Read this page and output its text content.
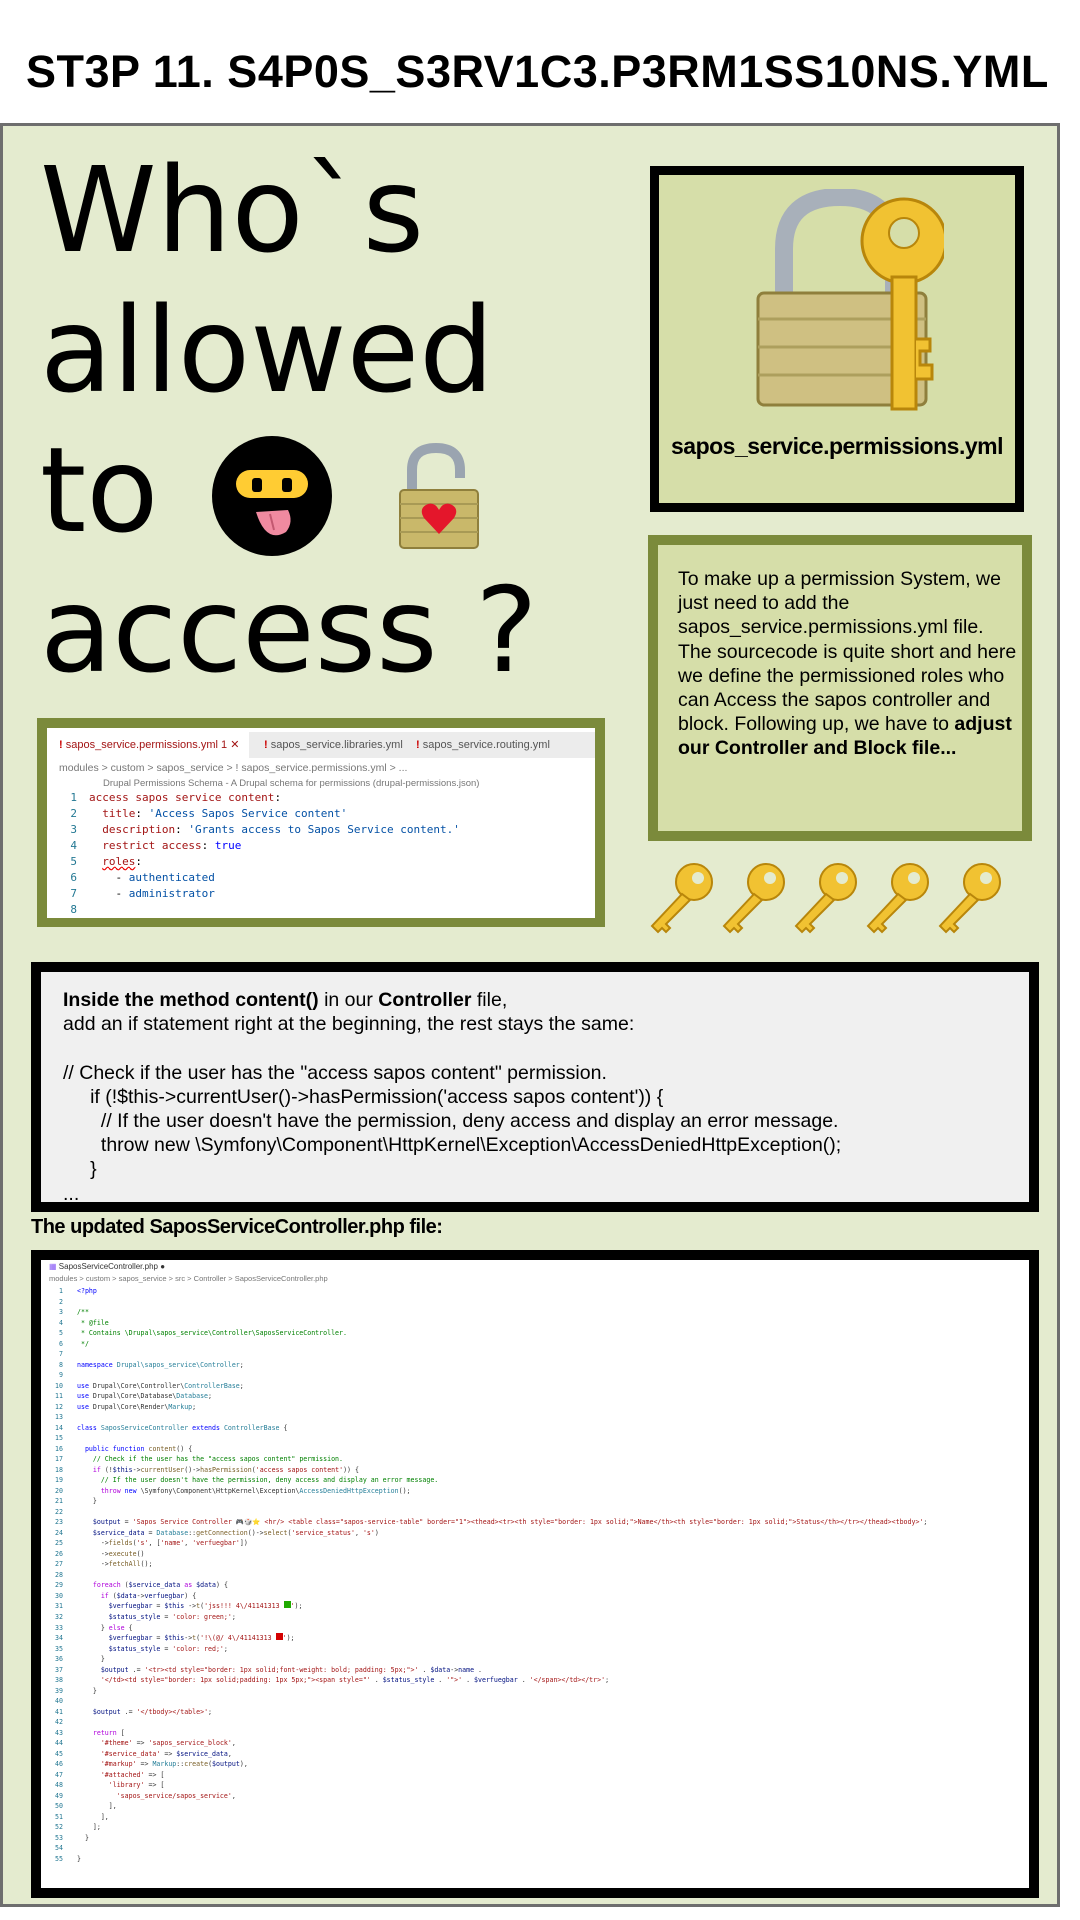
ST3P 11. S4P0S_S3RV1C3.P3RM1SS10NS.YML
Who`s
allowed
to
access ?
sapos_service.permissions.yml
To make up a permission System, we just need to add the sapos_service.permissions.yml file. The sourcecode is quite short and here we define the permissioned roles who can Access the sapos controller and block. Following up, we have to adjust our Controller and Block file...
! sapos_service.permissions.yml 1 ✕	! sapos_service.libraries.yml	! sapos_service.routing.yml
modules > custom > sapos_service > ! sapos_service.permissions.yml > ...
Drupal Permissions Schema - A Drupal schema for permissions (drupal-permissions.json)
1 access sapos service content:
2 title: 'Access Sapos Service content'
3 description: 'Grants access to Sapos Service content.'
4 restrict access: true
5 roles:
6    - authenticated
7    - administrator
8
Inside the method content() in our Controller file,
add an if statement right at the beginning, the rest stays the same:

// Check if the user has the "access sapos content" permission.
if (!$this->currentUser()->hasPermission('access sapos content')) {
// If the user doesn't have the permission, deny access and display an error message.
throw new \Symfony\Component\HttpKernel\Exception\AccessDeniedHttpException();
}
...
The updated SaposServiceController.php file:
▦ SaposServiceController.php ●
modules > custom > sapos_service > src > Controller > SaposServiceController.php
1 <?php
2
3 /**
4 * @file
5 * Contains \Drupal\sapos_service\Controller\SaposServiceController.
6 */
7
8 namespace Drupal\sapos_service\Controller;
9
10 use Drupal\Core\Controller\ControllerBase;
11 use Drupal\Core\Database\Database;
12 use Drupal\Core\Render\Markup;
13
14 class SaposServiceController extends ControllerBase {
15
16	public function content() {
17	// Check if the user has the "access sapos content" permission.
18	if (!$this->currentUser()->hasPermission('access sapos content')) {
19	// If the user doesn't have the permission, deny access and display an error message.
20	throw new \Symfony\Component\HttpKernel\Exception\AccessDeniedHttpException();
21	}
22
23	$output = 'Sapos Service Controller 🎮🎲⭐ <hr/> <table class="sapos-service-table" border="1"><thead><tr><th style="border: 1px solid;">Name</th><th style="border: 1px solid;">Status</th></tr></thead><tbody>';
24	$service_data = Database::getConnection()->select('service_status', 's')
25      ->fields('s', ['name', 'verfuegbar'])
26      ->execute()
27      ->fetchAll();
28
29	foreach ($service_data as $data) {
30	if ($data->verfuegbar) {
31	$verfuegbar = $this ->t('jss!!! 4\/41141313 ');
32	$status_style = 'color: green;';
33      } else {
34	$verfuegbar = $this->t('!\(@/ 4\/41141313 ');
35	$status_style = 'color: red;';
36	}
37	$output .= '<tr><td style="border: 1px solid;font-weight: bold; padding: 5px;">' . $data->name .
38	'</td><td style="border: 1px solid;padding: 1px 5px;"><span style="' . $status_style . '">' . $verfuegbar . '</span></td></tr>';
39	}
40
41	$output .= '</tbody></table>';
42
43	return [
44	'#theme' => 'sapos_service_block',
45	'#service_data' => $service_data,
46	'#markup' => Markup::create($output),
47	'#attached' => [
48	'library' => [
49	'sapos_service/sapos_service',
50	],
51	],
52	];
53	}
54
55 }
